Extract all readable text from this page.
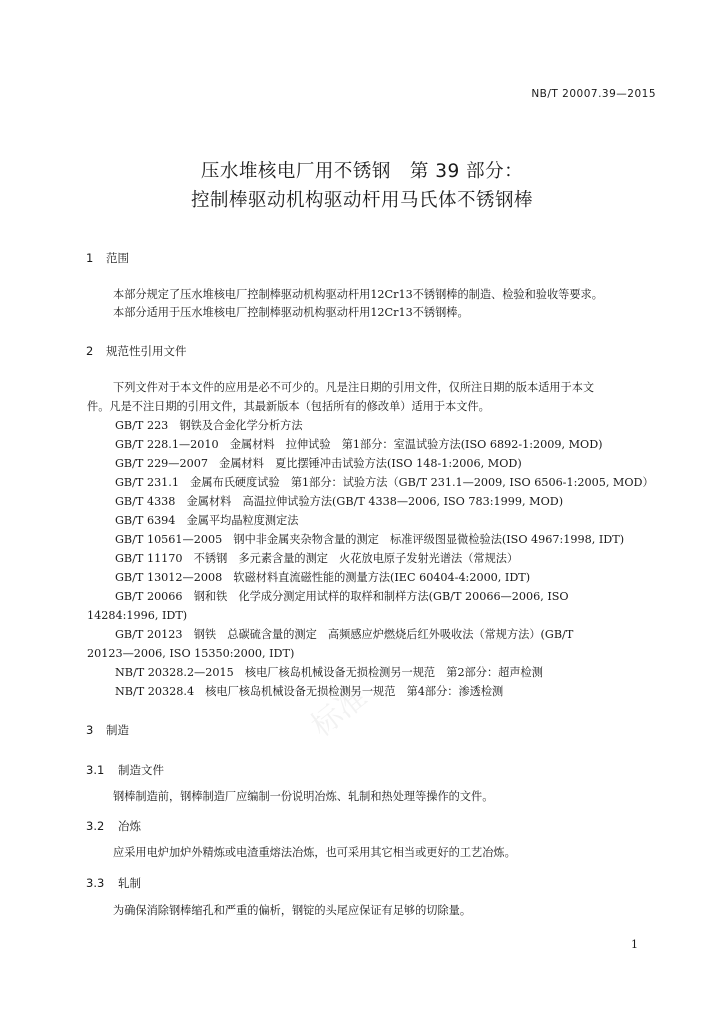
标准
NB/T 20007.39—2015
压水堆核电厂用不锈钢　第 39 部分：
控制棒驱动机构驱动杆用马氏体不锈钢棒
1 范围
本部分规定了压水堆核电厂控制棒驱动机构驱动杆用12Cr13不锈钢棒的制造、检验和验收等要求。
本部分适用于压水堆核电厂控制棒驱动机构驱动杆用12Cr13不锈钢棒。
2 规范性引用文件
下列文件对于本文件的应用是必不可少的。凡是注日期的引用文件，仅所注日期的版本适用于本文
件。凡是不注日期的引用文件，其最新版本（包括所有的修改单）适用于本文件。
GB/T 223　钢铁及合金化学分析方法
GB/T 228.1—2010　金属材料　拉伸试验　第1部分：室温试验方法(ISO 6892-1:2009, MOD)
GB/T 229—2007　金属材料　夏比摆锤冲击试验方法(ISO 148-1:2006, MOD)
GB/T 231.1　金属布氏硬度试验　第1部分：试验方法（GB/T 231.1—2009, ISO 6506-1:2005, MOD）
GB/T 4338　金属材料　高温拉伸试验方法(GB/T 4338—2006, ISO 783:1999, MOD)
GB/T 6394　金属平均晶粒度测定法
GB/T 10561—2005　钢中非金属夹杂物含量的测定　标准评级图显微检验法(ISO 4967:1998, IDT)
GB/T 11170　不锈钢　多元素含量的测定　火花放电原子发射光谱法（常规法）
GB/T 13012—2008　软磁材料直流磁性能的测量方法(IEC 60404-4:2000, IDT)
GB/T 20066　钢和铁　化学成分测定用试样的取样和制样方法(GB/T 20066—2006, ISO
14284:1996, IDT)
GB/T 20123　钢铁　总碳硫含量的测定　高频感应炉燃烧后红外吸收法（常规方法）(GB/T
20123—2006, ISO 15350:2000, IDT)
NB/T 20328.2—2015　核电厂核岛机械设备无损检测另一规范　第2部分：超声检测
NB/T 20328.4　核电厂核岛机械设备无损检测另一规范　第4部分：渗透检测
3 制造
3.1 制造文件
钢棒制造前，钢棒制造厂应编制一份说明冶炼、轧制和热处理等操作的文件。
3.2 冶炼
应采用电炉加炉外精炼或电渣重熔法冶炼，也可采用其它相当或更好的工艺冶炼。
3.3 轧制
为确保消除钢棒缩孔和严重的偏析，钢锭的头尾应保证有足够的切除量。
1
